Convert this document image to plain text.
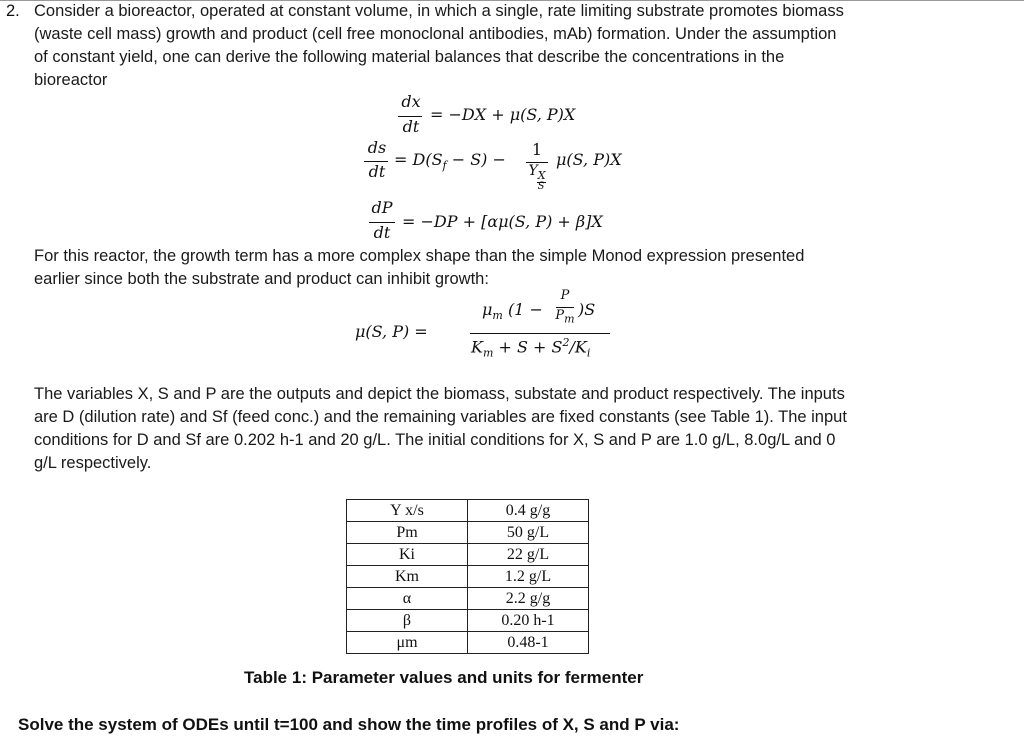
2. Consider a bioreactor, operated at constant volume, in which a single, rate limiting substrate promotes biomass
(waste cell mass) growth and product (cell free monoclonal antibodies, mAb) formation. Under the assumption
of constant yield, one can derive the following material balances that describe the concentrations in the
bioreactor
dx
dt
= −DX + μ(S, P)X
ds
dt
= $D(S_f - S)$ −
1
$Y_X$
S
μ(S, P)X
dP
dt
= −DP + [αμ(S, P) + β]X
For this reactor, the growth term has a more complex shape than the simple Monod expression presented
earlier since both the substrate and product can inhibit growth:
μ(S, P) =
$\mu_m$ (1 −
P
$P_m$
)S
$K_m + S + S^2/K_i$
The variables X, S and P are the outputs and depict the biomass, substate and product respectively. The inputs
are D (dilution rate) and Sf (feed conc.) and the remaining variables are fixed constants (see Table 1). The input
conditions for D and Sf are 0.202 h-1 and 20 g/L. The initial conditions for X, S and P are 1.0 g/L, 8.0g/L and 0
g/L respectively.
Y x/s	0.4 g/g
Pm	50 g/L
Ki	22 g/L
Km	1.2 g/L
α	2.2 g/g
β	0.20 h-1
μm	0.48-1
Table 1: Parameter values and units for fermenter
Solve the system of ODEs until t=100 and show the time profiles of X, S and P via:
